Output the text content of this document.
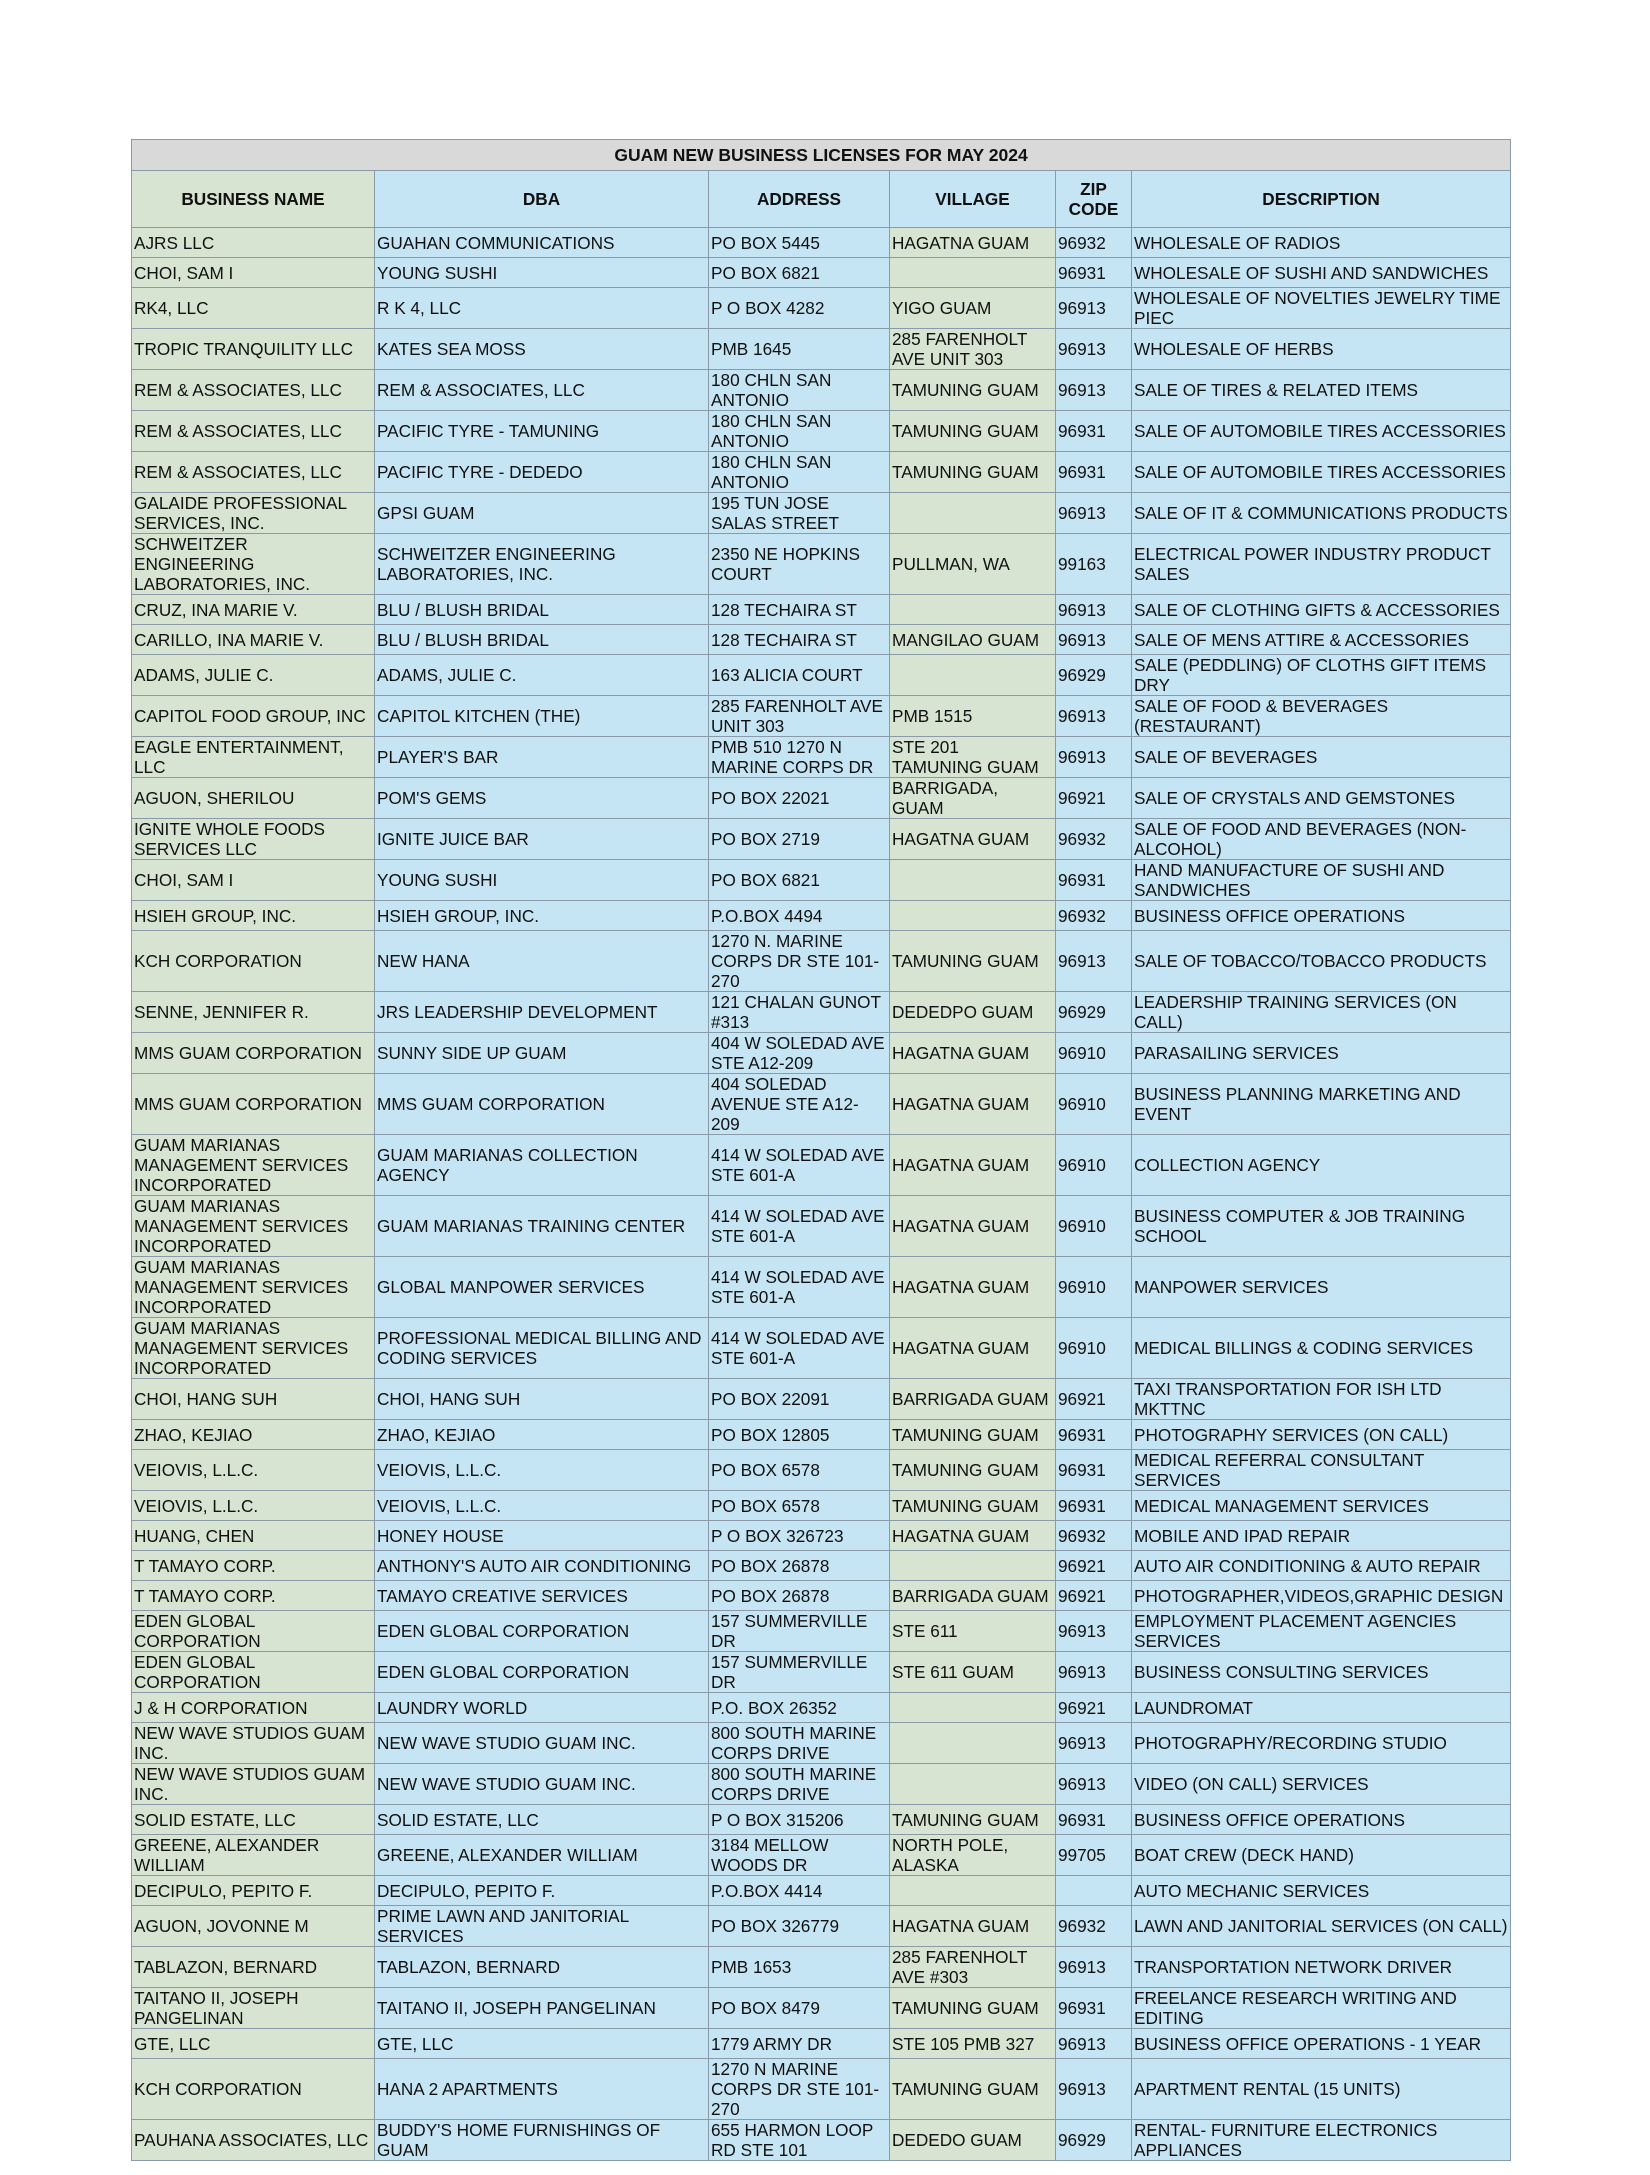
GUAM NEW BUSINESS LICENSES FOR MAY 2024					
BUSINESS NAME	DBA	ADDRESS	VILLAGE	ZIP CODE	DESCRIPTION
AJRS LLC	GUAHAN COMMUNICATIONS	PO BOX 5445	HAGATNA GUAM	96932	WHOLESALE OF RADIOS
CHOI, SAM I	YOUNG SUSHI	PO BOX 6821		96931	WHOLESALE OF SUSHI AND SANDWICHES
RK4, LLC	R K 4, LLC	P O BOX 4282	YIGO GUAM	96913	WHOLESALE OF NOVELTIES JEWELRY TIME PIEC
TROPIC TRANQUILITY LLC	KATES SEA MOSS	PMB 1645	285 FARENHOLT AVE UNIT 303	96913	WHOLESALE OF HERBS
REM & ASSOCIATES, LLC	REM & ASSOCIATES, LLC	180 CHLN SAN ANTONIO	TAMUNING GUAM	96913	SALE OF TIRES & RELATED ITEMS
REM & ASSOCIATES, LLC	PACIFIC TYRE - TAMUNING	180 CHLN SAN ANTONIO	TAMUNING GUAM	96931	SALE OF AUTOMOBILE TIRES ACCESSORIES
REM & ASSOCIATES, LLC	PACIFIC TYRE - DEDEDO	180 CHLN SAN ANTONIO	TAMUNING GUAM	96931	SALE OF AUTOMOBILE TIRES ACCESSORIES
GALAIDE PROFESSIONAL SERVICES, INC.	GPSI GUAM	195 TUN JOSE SALAS STREET		96913	SALE OF IT & COMMUNICATIONS PRODUCTS
SCHWEITZER ENGINEERING LABORATORIES, INC.	SCHWEITZER ENGINEERING LABORATORIES, INC.	2350 NE HOPKINS COURT	PULLMAN, WA	99163	ELECTRICAL POWER INDUSTRY PRODUCT SALES
CRUZ, INA MARIE V.	BLU / BLUSH BRIDAL	128 TECHAIRA ST		96913	SALE OF CLOTHING GIFTS & ACCESSORIES
CARILLO, INA MARIE V.	BLU / BLUSH BRIDAL	128 TECHAIRA ST	MANGILAO GUAM	96913	SALE OF MENS ATTIRE & ACCESSORIES
ADAMS, JULIE C.	ADAMS, JULIE C.	163 ALICIA COURT		96929	SALE (PEDDLING) OF CLOTHS GIFT ITEMS DRY
CAPITOL FOOD GROUP, INC	CAPITOL KITCHEN (THE)	285 FARENHOLT AVE UNIT 303	PMB 1515	96913	SALE OF FOOD & BEVERAGES (RESTAURANT)
EAGLE ENTERTAINMENT, LLC	PLAYER'S BAR	PMB 510 1270 N MARINE CORPS DR	STE 201 TAMUNING GUAM	96913	SALE OF BEVERAGES
AGUON, SHERILOU	POM'S GEMS	PO BOX 22021	BARRIGADA, GUAM	96921	SALE OF CRYSTALS AND GEMSTONES
IGNITE WHOLE FOODS SERVICES LLC	IGNITE JUICE BAR	PO BOX 2719	HAGATNA GUAM	96932	SALE OF FOOD AND BEVERAGES (NON-ALCOHOL)
CHOI, SAM I	YOUNG SUSHI	PO BOX 6821		96931	HAND MANUFACTURE OF SUSHI AND SANDWICHES
HSIEH GROUP, INC.	HSIEH GROUP, INC.	P.O.BOX 4494		96932	BUSINESS OFFICE OPERATIONS
KCH CORPORATION	NEW HANA	1270 N. MARINE CORPS DR STE 101-270	TAMUNING GUAM	96913	SALE OF TOBACCO/TOBACCO PRODUCTS
SENNE, JENNIFER R.	JRS LEADERSHIP DEVELOPMENT	121 CHALAN GUNOT #313	DEDEDPO GUAM	96929	LEADERSHIP TRAINING SERVICES (ON CALL)
MMS GUAM CORPORATION	SUNNY SIDE UP GUAM	404 W SOLEDAD AVE STE A12-209	HAGATNA GUAM	96910	PARASAILING SERVICES
MMS GUAM CORPORATION	MMS GUAM CORPORATION	404 SOLEDAD AVENUE STE A12-209	HAGATNA GUAM	96910	BUSINESS PLANNING MARKETING AND EVENT
GUAM MARIANAS MANAGEMENT SERVICES INCORPORATED	GUAM MARIANAS COLLECTION AGENCY	414 W SOLEDAD AVE STE 601-A	HAGATNA GUAM	96910	COLLECTION AGENCY
GUAM MARIANAS MANAGEMENT SERVICES INCORPORATED	GUAM MARIANAS TRAINING CENTER	414 W SOLEDAD AVE STE 601-A	HAGATNA GUAM	96910	BUSINESS COMPUTER & JOB TRAINING SCHOOL
GUAM MARIANAS MANAGEMENT SERVICES INCORPORATED	GLOBAL MANPOWER SERVICES	414 W SOLEDAD AVE STE 601-A	HAGATNA GUAM	96910	MANPOWER SERVICES
GUAM MARIANAS MANAGEMENT SERVICES INCORPORATED	PROFESSIONAL MEDICAL BILLING AND CODING SERVICES	414 W SOLEDAD AVE STE 601-A	HAGATNA GUAM	96910	MEDICAL BILLINGS & CODING SERVICES
CHOI, HANG SUH	CHOI, HANG SUH	PO BOX 22091	BARRIGADA GUAM	96921	TAXI TRANSPORTATION FOR ISH LTD MKTTNC
ZHAO, KEJIAO	ZHAO, KEJIAO	PO BOX 12805	TAMUNING GUAM	96931	PHOTOGRAPHY SERVICES (ON CALL)
VEIOVIS, L.L.C.	VEIOVIS, L.L.C.	PO BOX 6578	TAMUNING GUAM	96931	MEDICAL REFERRAL CONSULTANT SERVICES
VEIOVIS, L.L.C.	VEIOVIS, L.L.C.	PO BOX 6578	TAMUNING GUAM	96931	MEDICAL MANAGEMENT SERVICES
HUANG, CHEN	HONEY HOUSE	P O BOX 326723	HAGATNA GUAM	96932	MOBILE AND IPAD REPAIR
T TAMAYO CORP.	ANTHONY'S AUTO AIR CONDITIONING	PO BOX 26878		96921	AUTO AIR CONDITIONING & AUTO REPAIR
T TAMAYO CORP.	TAMAYO CREATIVE SERVICES	PO BOX 26878	BARRIGADA GUAM	96921	PHOTOGRAPHER,VIDEOS,GRAPHIC DESIGN
EDEN GLOBAL CORPORATION	EDEN GLOBAL CORPORATION	157 SUMMERVILLE DR	STE 611	96913	EMPLOYMENT PLACEMENT AGENCIES SERVICES
EDEN GLOBAL CORPORATION	EDEN GLOBAL CORPORATION	157 SUMMERVILLE DR	STE 611 GUAM	96913	BUSINESS CONSULTING SERVICES
J & H CORPORATION	LAUNDRY WORLD	P.O. BOX 26352		96921	LAUNDROMAT
NEW WAVE STUDIOS GUAM INC.	NEW WAVE STUDIO GUAM INC.	800 SOUTH MARINE CORPS DRIVE		96913	PHOTOGRAPHY/RECORDING STUDIO
NEW WAVE STUDIOS GUAM INC.	NEW WAVE STUDIO GUAM INC.	800 SOUTH MARINE CORPS DRIVE		96913	VIDEO (ON CALL) SERVICES
SOLID ESTATE, LLC	SOLID ESTATE, LLC	P O BOX 315206	TAMUNING GUAM	96931	BUSINESS OFFICE OPERATIONS
GREENE, ALEXANDER WILLIAM	GREENE, ALEXANDER WILLIAM	3184 MELLOW WOODS DR	NORTH POLE, ALASKA	99705	BOAT CREW (DECK HAND)
DECIPULO, PEPITO F.	DECIPULO, PEPITO F.	P.O.BOX 4414			AUTO MECHANIC SERVICES
AGUON, JOVONNE M	PRIME LAWN AND JANITORIAL SERVICES	PO BOX 326779	HAGATNA GUAM	96932	LAWN AND JANITORIAL SERVICES (ON CALL)
TABLAZON, BERNARD	TABLAZON, BERNARD	PMB 1653	285 FARENHOLT AVE #303	96913	TRANSPORTATION NETWORK DRIVER
TAITANO II, JOSEPH PANGELINAN	TAITANO II, JOSEPH PANGELINAN	PO BOX 8479	TAMUNING GUAM	96931	FREELANCE RESEARCH WRITING AND EDITING
GTE, LLC	GTE, LLC	1779 ARMY DR	STE 105 PMB 327	96913	BUSINESS OFFICE OPERATIONS - 1 YEAR
KCH CORPORATION	HANA 2 APARTMENTS	1270 N MARINE CORPS DR STE 101-270	TAMUNING GUAM	96913	APARTMENT RENTAL (15 UNITS)
PAUHANA ASSOCIATES, LLC	BUDDY'S HOME FURNISHINGS OF GUAM	655 HARMON LOOP RD STE 101	DEDEDO GUAM	96929	RENTAL- FURNITURE ELECTRONICS APPLIANCES
